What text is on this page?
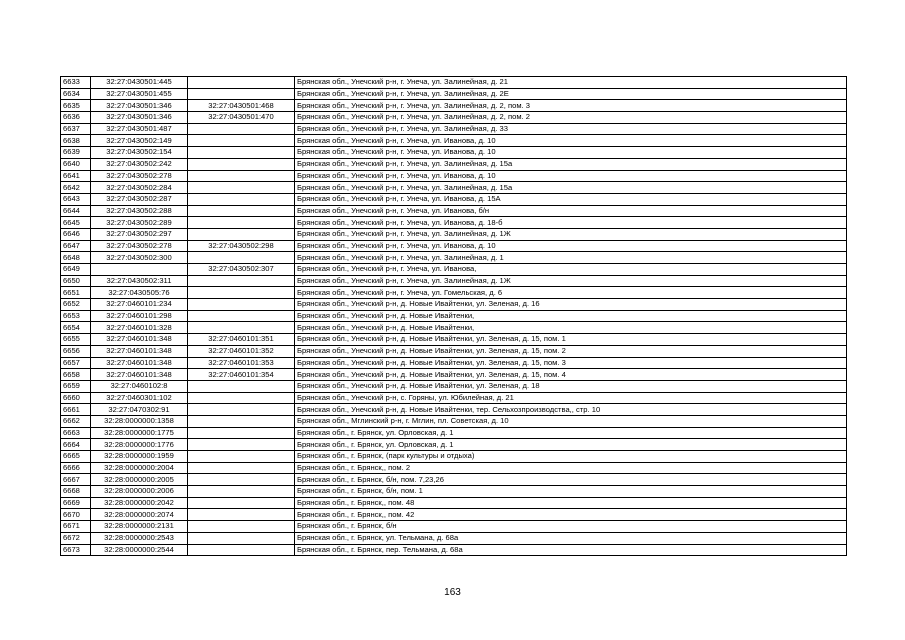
6633	32:27:0430501:445		Брянская обл., Унечский р-н, г. Унеча, ул. Залинейная, д. 21
6634	32:27:0430501:455		Брянская обл., Унечский р-н, г. Унеча, ул. Залинейная, д. 2Е
6635	32:27:0430501:346	32:27:0430501:468	Брянская обл., Унечский р-н, г. Унеча, ул. Залинейная, д. 2, пом. 3
6636	32:27:0430501:346	32:27:0430501:470	Брянская обл., Унечский р-н, г. Унеча, ул. Залинейная, д. 2, пом. 2
6637	32:27:0430501:487		Брянская обл., Унечский р-н, г. Унеча, ул. Залинейная, д. 33
6638	32:27:0430502:149		Брянская обл., Унечский р-н, г. Унеча, ул. Иванова, д. 10
6639	32:27:0430502:154		Брянская обл., Унечский р-н, г. Унеча, ул. Иванова, д. 10
6640	32:27:0430502:242		Брянская обл., Унечский р-н, г. Унеча, ул. Залинейная, д. 15а
6641	32:27:0430502:278		Брянская обл., Унечский р-н, г. Унеча, ул. Иванова, д. 10
6642	32:27:0430502:284		Брянская обл., Унечский р-н, г. Унеча, ул. Залинейная, д. 15а
6643	32:27:0430502:287		Брянская обл., Унечский р-н, г. Унеча, ул. Иванова, д. 15А
6644	32:27:0430502:288		Брянская обл., Унечский р-н, г. Унеча, ул. Иванова, б/н
6645	32:27:0430502:289		Брянская обл., Унечский р-н, г. Унеча, ул. Иванова, д. 18-б
6646	32:27:0430502:297		Брянская обл., Унечский р-н, г. Унеча, ул. Залинейная, д. 1Ж
6647	32:27:0430502:278	32:27:0430502:298	Брянская обл., Унечский р-н, г. Унеча, ул. Иванова, д. 10
6648	32:27:0430502:300		Брянская обл., Унечский р-н, г. Унеча, ул. Залинейная, д. 1
6649		32:27:0430502:307	Брянская обл., Унечский р-н, г. Унеча, ул. Иванова,
6650	32:27:0430502:311		Брянская обл., Унечский р-н, г. Унеча, ул. Залинейная, д. 1Ж
6651	32:27:0430505:76		Брянская обл., Унечский р-н, г. Унеча, ул. Гомельская, д. 6
6652	32:27:0460101:234		Брянская обл., Унечский р-н, д. Новые Ивайтенки, ул. Зеленая, д. 16
6653	32:27:0460101:298		Брянская обл., Унечский р-н, д. Новые Ивайтенки,
6654	32:27:0460101:328		Брянская обл., Унечский р-н, д. Новые Ивайтенки,
6655	32:27:0460101:348	32:27:0460101:351	Брянская обл., Унечский р-н, д. Новые Ивайтенки, ул. Зеленая, д. 15, пом. 1
6656	32:27:0460101:348	32:27:0460101:352	Брянская обл., Унечский р-н, д. Новые Ивайтенки, ул. Зеленая, д. 15, пом. 2
6657	32:27:0460101:348	32:27:0460101:353	Брянская обл., Унечский р-н, д. Новые Ивайтенки, ул. Зеленая, д. 15, пом. 3
6658	32:27:0460101:348	32:27:0460101:354	Брянская обл., Унечский р-н, д. Новые Ивайтенки, ул. Зеленая, д. 15, пом. 4
6659	32:27:0460102:8		Брянская обл., Унечский р-н, д. Новые Ивайтенки, ул. Зеленая, д. 18
6660	32:27:0460301:102		Брянская обл., Унечский р-н, с. Горяны, ул. Юбилейная, д. 21
6661	32:27:0470302:91		Брянская обл., Унечский р-н, д. Новые Ивайтенки, тер. Сельхозпроизводства,, стр. 10
6662	32:28:0000000:1358		Брянская обл., Мглинский р-н, г. Мглин, пл. Советская, д. 10
6663	32:28:0000000:1775		Брянская обл., г. Брянск, ул. Орловская, д. 1
6664	32:28:0000000:1776		Брянская обл., г. Брянск, ул. Орловская, д. 1
6665	32:28:0000000:1959		Брянская обл., г. Брянск, (парк культуры и отдыха)
6666	32:28:0000000:2004		Брянская обл., г. Брянск,, пом. 2
6667	32:28:0000000:2005		Брянская обл., г. Брянск, б/н, пом. 7,23,26
6668	32:28:0000000:2006		Брянская обл., г. Брянск, б/н, пом. 1
6669	32:28:0000000:2042		Брянская обл., г. Брянск,, пом. 48
6670	32:28:0000000:2074		Брянская обл., г. Брянск,, пом. 42
6671	32:28:0000000:2131		Брянская обл., г. Брянск, б/н
6672	32:28:0000000:2543		Брянская обл., г. Брянск, ул. Тельмана, д. 68а
6673	32:28:0000000:2544		Брянская обл., г. Брянск, пер. Тельмана, д. 68а
163
